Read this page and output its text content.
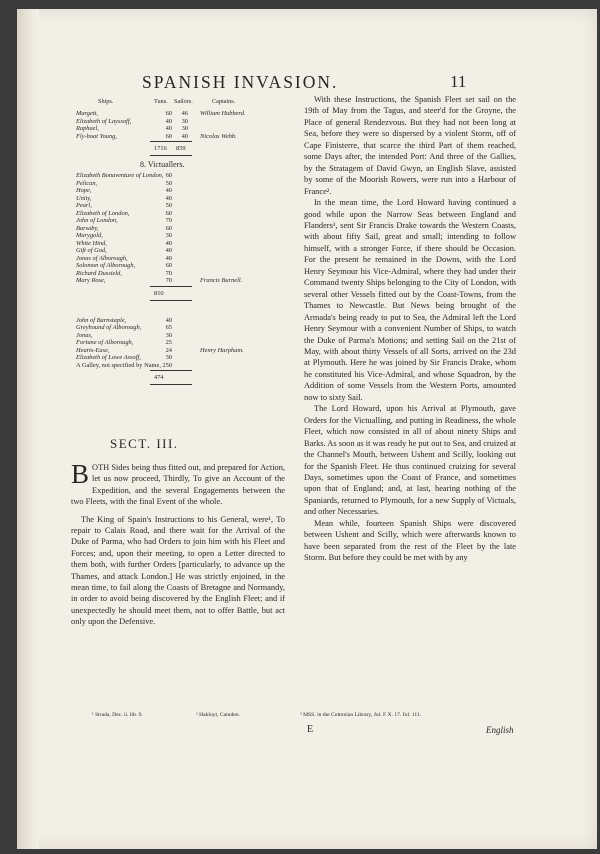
SPANISH INVASION.	11
Ships.	Tuns. Sailors.	Captains.
Margett,	60	46 William Hubberd.
Elizabeth of Layssoff,	40	30
Raphael,	40	30
Fly-boat Young,	60	40 Nicolas Webb.
1716 859
8. Victuallers.
Elizabeth Bonaventure of London, 60
Pelican,	50
Hope,	40
Unity,	40
Pearl,	50
Elizabeth of London,	60
John of London,	70
Barsaby,	60
Marygold,	30
White Hind,	40
Gift of God,	40
Jonas of Alborough,	40
Solomon of Alborough,	60
Richard Dussield,	70
Mary Rose,	70	Francis Burnell.
810
John of Barnstaple,	40
Greyhound of Alborough,	65
Jonas,	30
Fortune of Alborough,	25
Hearts-Ease,	24	Henry Harpham.
Elizabeth of Lowe Assoff,	30
A Galley, not specified by Name, 250
474
SECT. III.

BOTH Sides being thus fitted out, and prepared for Action, let us now proceed, Thirdly, To give an Account of the Expedition, and the several Engagements between the two Fleets, with the final Event of the whole.

The King of Spain's Instructions to his General, were¹, To repair to Calais Road, and there wait for the Arrival of the Duke of Parma, who had Orders to join him with his Fleet and Forces; and, upon their meeting, to open a Letter directed to them both, with further Orders [particularly, to advance up the Thames, and attack London.] He was strictly enjoined, in the mean time, to fail along the Coasts of Bretagne and Normandy, in order to avoid being discovered by the English Fleet; and if unexpectedly he should meet them, not to offer Battle, but act only upon the Defensive.

With these Instructions, the Spanish Fleet set sail on the 19th of May from the Tagus, and steer'd for the Groyne, the Place of general Rendezvous. But they had not been long at Sea, before they were so dispersed by a violent Storm, off of Cape Finisterre, that scarce the third Part of them reached, some Days after, the intended Port: And three of the Gallies, by the Stratagem of David Gwyn, an English Slave, assisted by some of the Moorish Rowers, were run into a Harbour of France².

In the mean time, the Lord Howard having continued a good while upon the Narrow Seas between England and Flanders³, sent Sir Francis Drake towards the Western Coasts, with about fifty Sail, great and small; intending to follow himself, with a stronger Force, if there should be Occasion. For the present he remained in the Downs, with the Lord Henry Seymour his Vice-Admiral, where they had under their Command twenty Ships belonging to the City of London, with several other Vessels fitted out by the Coast-Towns, from the Thames to Newcastle. But News being brought of the Armada's being ready to put to Sea, the Admiral left the Lord Henry Seymour with a convenient Number of Ships, to watch the Duke of Parma's Motions; and setting Sail on the 21st of May, with about thirty Vessels of all Sorts, arrived on the 23d at Plymouth. Here he was joined by Sir Francis Drake, whom he constituted his Vice-Admiral, and whose Squadron, by the Addition of some Vessels from the Western Ports, amounted now to sixty Sail.

The Lord Howard, upon his Arrival at Plymouth, gave Orders for the Victualling, and putting in Readiness, the whole Fleet, which now consisted in all of about ninety Ships and Barks. As soon as it was ready he put out to Sea, and cruized at the Channel's Mouth, between Ushent and Scilly, looking out for the Spanish Fleet. He thus continued cruizing for several Days, sometimes upon the Coast of France, and sometimes upon that of England; and, at last, hearing nothing of the Spaniards, returned to Plymouth, for a new Supply of Victuals, and other Necessaries.

Mean while, fourteen Spanish Ships were discovered between Ushent and Scilly, which were afterwards known to have been separated from the rest of the Fleet by the late Storm. But before they could be met with by any

¹ Strada, Dec. ii. lib. 9.	² Hakluyt, Camden.	³ MSS. in the Cottonian Library, Jul. F X. 17. fol. 111.
E	English
